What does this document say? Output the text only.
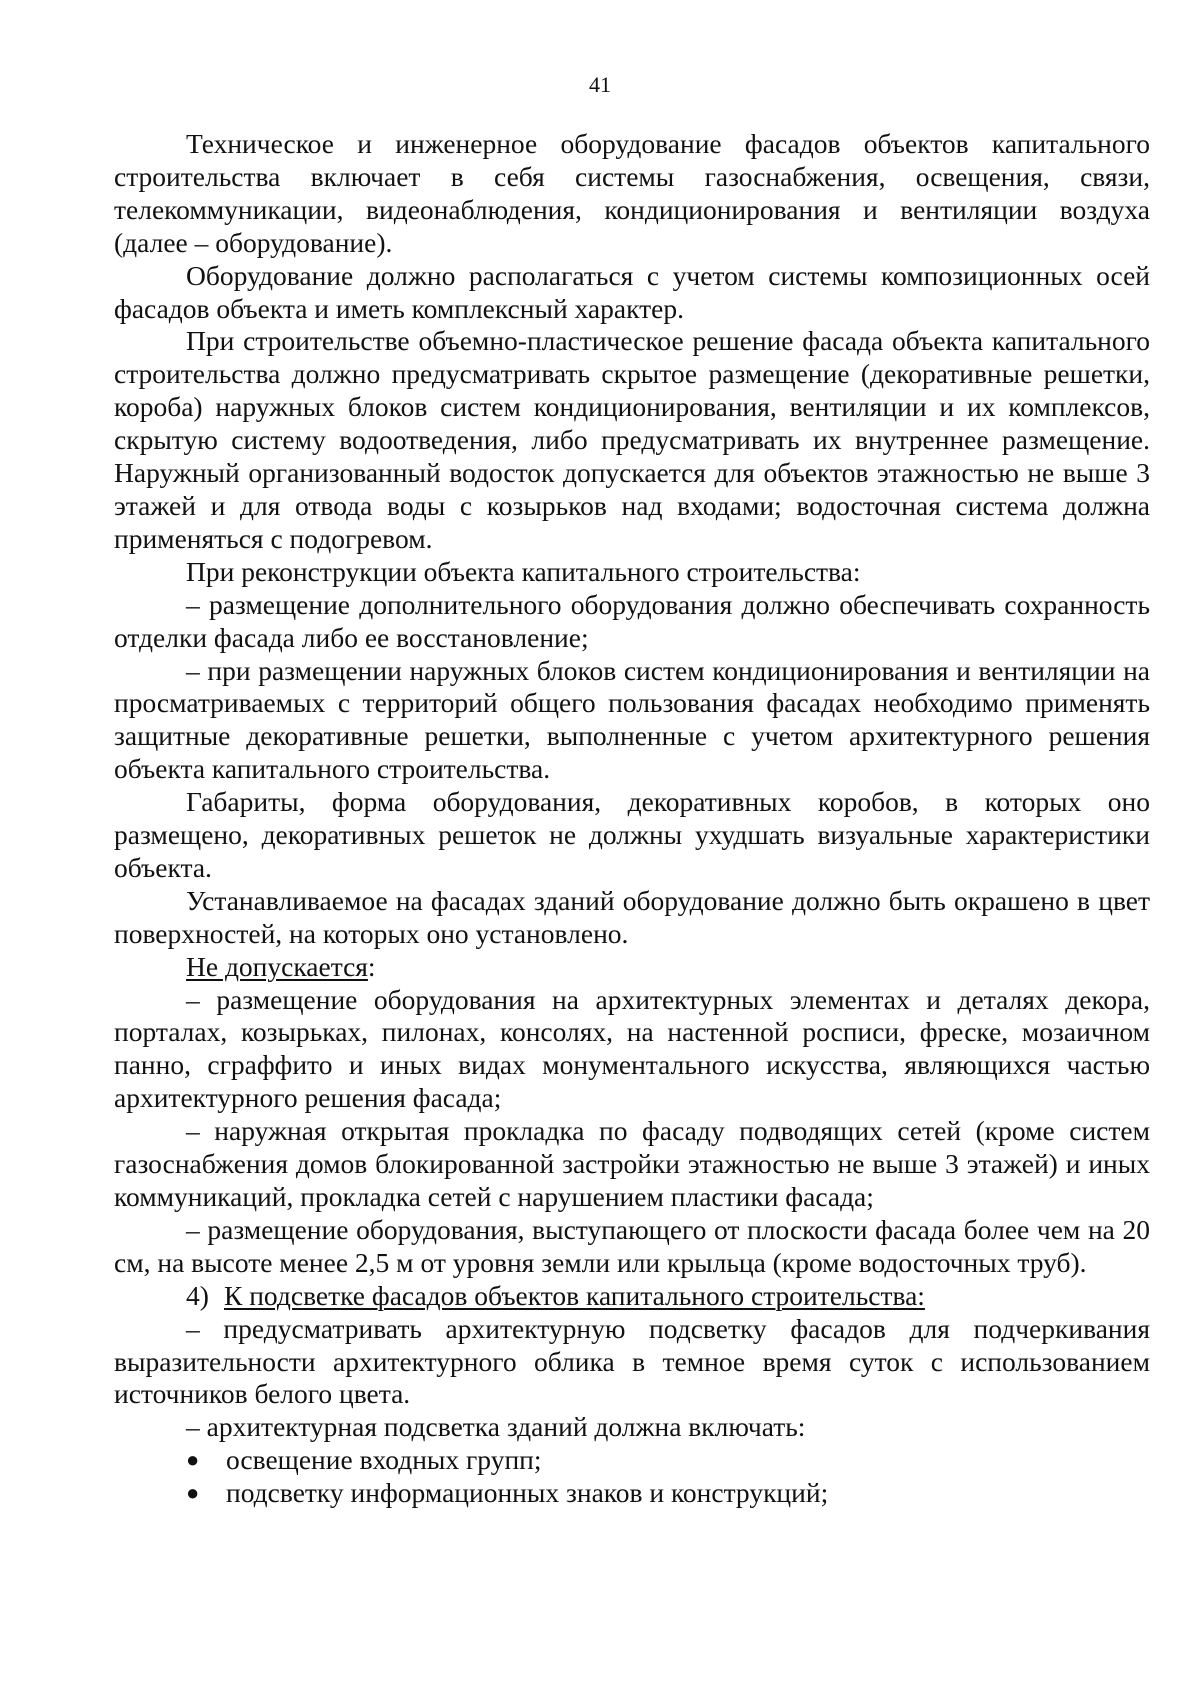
41

Техническое и инженерное оборудование фасадов объектов капитального строительства включает в себя системы газоснабжения, освещения, связи, телекоммуникации, видеонаблюдения, кондиционирования и вентиляции воздуха (далее – оборудование).

Оборудование должно располагаться с учетом системы композиционных осей фасадов объекта и иметь комплексный характер.

При строительстве объемно-пластическое решение фасада объекта капитального строительства должно предусматривать скрытое размещение (декоративные решетки, короба) наружных блоков систем кондиционирования, вентиляции и их комплексов, скрытую систему водоотведения, либо предусматривать их внутреннее размещение. Наружный организованный водосток допускается для объектов этажностью не выше 3 этажей и для отвода воды с козырьков над входами; водосточная система должна применяться с подогревом.

При реконструкции объекта капитального строительства:

– размещение дополнительного оборудования должно обеспечивать сохранность отделки фасада либо ее восстановление;

– при размещении наружных блоков систем кондиционирования и вентиляции на просматриваемых с территорий общего пользования фасадах необходимо применять защитные декоративные решетки, выполненные с учетом архитектурного решения объекта капитального строительства.

Габариты, форма оборудования, декоративных коробов, в которых оно размещено, декоративных решеток не должны ухудшать визуальные характеристики объекта.

Устанавливаемое на фасадах зданий оборудование должно быть окрашено в цвет поверхностей, на которых оно установлено.

Не допускается:

– размещение оборудования на архитектурных элементах и деталях декора, порталах, козырьках, пилонах, консолях, на настенной росписи, фреске, мозаичном панно, сграффито и иных видах монументального искусства, являющихся частью архитектурного решения фасада;

– наружная открытая прокладка по фасаду подводящих сетей (кроме систем газоснабжения домов блокированной застройки этажностью не выше 3 этажей) и иных коммуникаций, прокладка сетей с нарушением пластики фасада;

– размещение оборудования, выступающего от плоскости фасада более чем на 20 см, на высоте менее 2,5 м от уровня земли или крыльца (кроме водосточных труб).

4) К подсветке фасадов объектов капитального строительства:

– предусматривать архитектурную подсветку фасадов для подчеркивания выразительности архитектурного облика в темное время суток с использованием источников белого цвета.

– архитектурная подсветка зданий должна включать:

● освещение входных групп;
● подсветку информационных знаков и конструкций;
